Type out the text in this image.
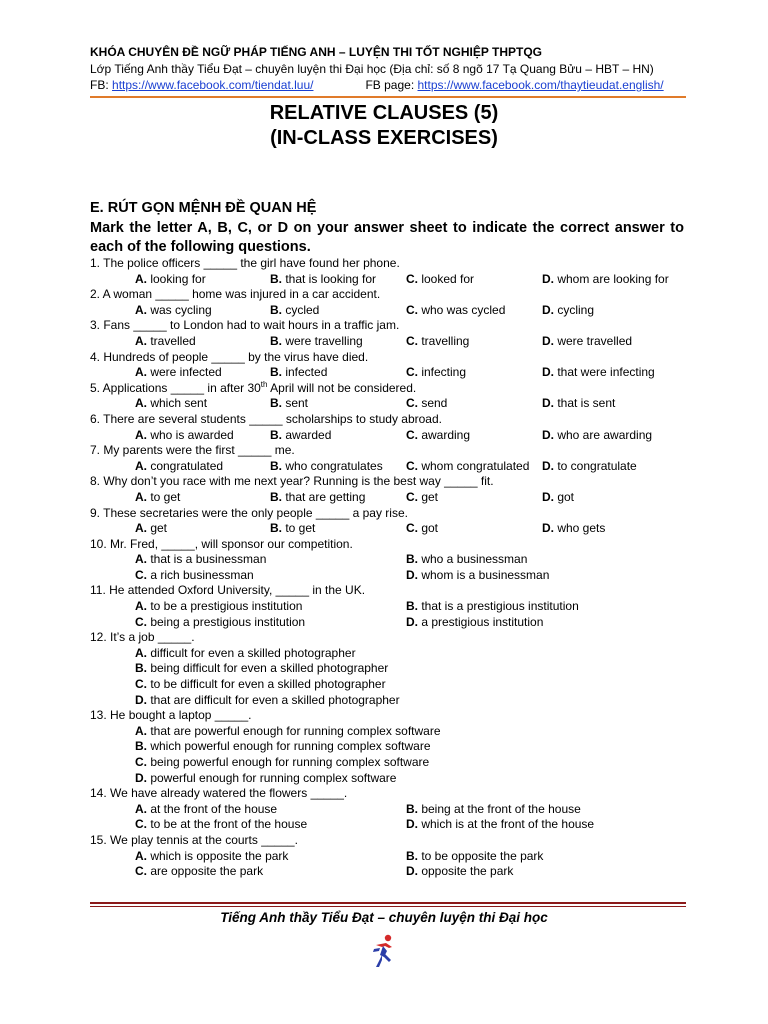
KHÓA CHUYÊN ĐỀ NGỮ PHÁP TIẾNG ANH – LUYỆN THI TỐT NGHIỆP THPTQG
Lớp Tiếng Anh thầy Tiểu Đạt – chuyên luyện thi Đại học (Địa chỉ: số 8 ngõ 17 Tạ Quang Bửu – HBT – HN)
FB: https://www.facebook.com/tiendat.luu/	FB page: https://www.facebook.com/thaytieudat.english/
RELATIVE CLAUSES (5)
(IN-CLASS EXERCISES)
E. RÚT GỌN MỆNH ĐỀ QUAN HỆ
Mark the letter A, B, C, or D on your answer sheet to indicate the correct answer to each of the following questions.
1. The police officers _____ the girl have found her phone.
A. looking for	B. that is looking for C. looked for	D. whom are looking for
2. A woman _____ home was injured in a car accident.
A. was cycling	B. cycled	C. who was cycled	D. cycling
3. Fans _____ to London had to wait hours in a traffic jam.
A. travelled	B. were travelling	C. travelling	D. were travelled
4. Hundreds of people _____ by the virus have died.
A. were infected	B. infected	C. infecting	D. that were infecting
5. Applications _____ in after 30th April will not be considered.
A. which sent	B. sent	C. send	D. that is sent
6. There are several students _____ scholarships to study abroad.
A. who is awarded	B. awarded	C. awarding	D. who are awarding
7. My parents were the first _____ me.
A. congratulated	B. who congratulates C. whom congratulated D. to congratulate
8. Why don’t you race with me next year? Running is the best way _____ fit.
A. to get	B. that are getting	C. get	D. got
9. These secretaries were the only people _____ a pay rise.
A. get	B. to get	C. got	D. who gets
10. Mr. Fred, _____, will sponsor our competition.
A. that is a businessman	B. who a businessman
C. a rich businessman	D. whom is a businessman
11. He attended Oxford University, _____ in the UK.
A. to be a prestigious institution	B. that is a prestigious institution
C. being a prestigious institution	D. a prestigious institution
12. It’s a job _____.
A. difficult for even a skilled photographer
B. being difficult for even a skilled photographer
C. to be difficult for even a skilled photographer
D. that are difficult for even a skilled photographer
13. He bought a laptop _____.
A. that are powerful enough for running complex software
B. which powerful enough for running complex software
C. being powerful enough for running complex software
D. powerful enough for running complex software
14. We have already watered the flowers _____.
A. at the front of the house	B. being at the front of the house
C. to be at the front of the house	D. which is at the front of the house
15. We play tennis at the courts _____.
A. which is opposite the park	B. to be opposite the park
C. are opposite the park	D. opposite the park
Tiếng Anh thầy Tiểu Đạt – chuyên luyện thi Đại học
